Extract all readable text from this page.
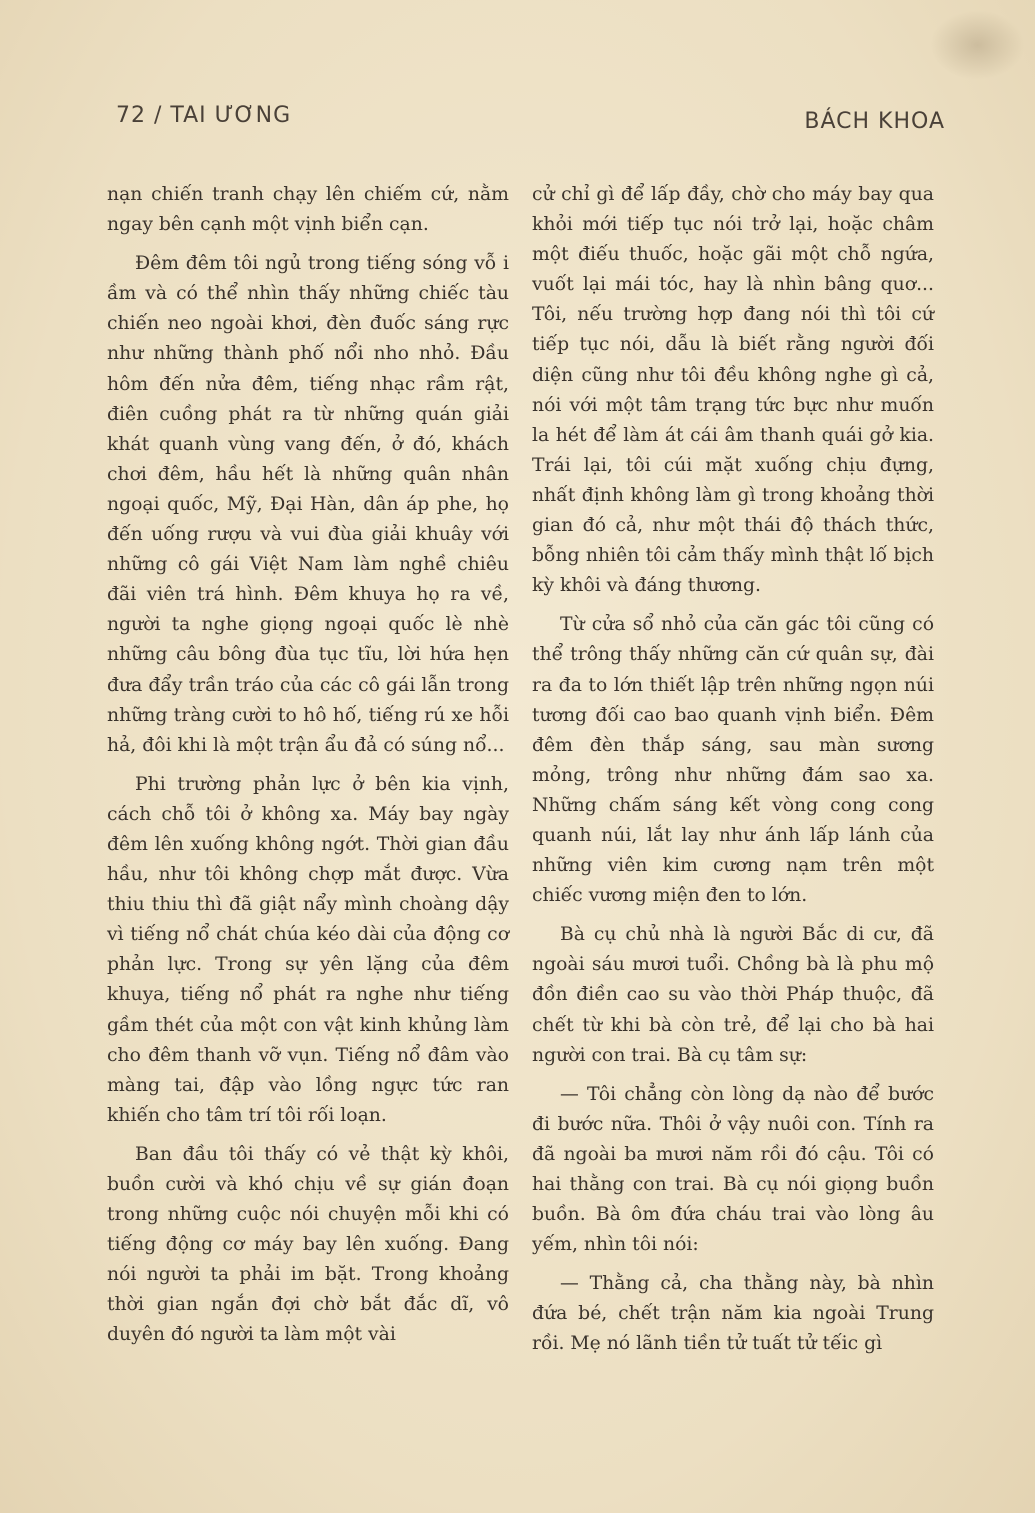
72 / TAI ƯƠNG	BÁCH KHOA

nạn chiến tranh chạy lên chiếm cứ, nằm ngay bên cạnh một vịnh biển cạn.

Đêm đêm tôi ngủ trong tiếng sóng vỗ i ầm và có thể nhìn thấy những chiếc tàu chiến neo ngoài khơi, đèn đuốc sáng rực như những thành phố nổi nho nhỏ. Đầu hôm đến nửa đêm, tiếng nhạc rầm rật, điên cuồng phát ra từ những quán giải khát quanh vùng vang đến, ở đó, khách chơi đêm, hầu hết là những quân nhân ngoại quốc, Mỹ, Đại Hàn, dân áp phe, họ đến uống rượu và vui đùa giải khuây với những cô gái Việt Nam làm nghề chiêu đãi viên trá hình. Đêm khuya họ ra về, người ta nghe giọng ngoại quốc lè nhè những câu bông đùa tục tĩu, lời hứa hẹn đưa đẩy trần tráo của các cô gái lẫn trong những tràng cười to hô hố, tiếng rú xe hỗi hả, đôi khi là một trận ẩu đả có súng nổ...

Phi trường phản lực ở bên kia vịnh, cách chỗ tôi ở không xa. Máy bay ngày đêm lên xuống không ngớt. Thời gian đầu hầu, như tôi không chợp mắt được. Vừa thiu thiu thì đã giật nẩy mình choàng dậy vì tiếng nổ chát chúa kéo dài của động cơ phản lực. Trong sự yên lặng của đêm khuya, tiếng nổ phát ra nghe như tiếng gầm thét của một con vật kinh khủng làm cho đêm thanh vỡ vụn. Tiếng nổ đâm vào màng tai, đập vào lồng ngực tức ran khiến cho tâm trí tôi rối loạn.

Ban đầu tôi thấy có vẻ thật kỳ khôi, buồn cười và khó chịu về sự gián đoạn trong những cuộc nói chuyện mỗi khi có tiếng động cơ máy bay lên xuống. Đang nói người ta phải im bặt. Trong khoảng thời gian ngắn đợi chờ bắt đắc dĩ, vô duyên đó người ta làm một vài

cử chỉ gì để lấp đầy, chờ cho máy bay qua khỏi mới tiếp tục nói trở lại, hoặc châm một điếu thuốc, hoặc gãi một chỗ ngứa, vuốt lại mái tóc, hay là nhìn bâng quơ... Tôi, nếu trường hợp đang nói thì tôi cứ tiếp tục nói, dẫu là biết rằng người đối diện cũng như tôi đều không nghe gì cả, nói với một tâm trạng tức bực như muốn la hét để làm át cái âm thanh quái gở kia. Trái lại, tôi cúi mặt xuống chịu đựng, nhất định không làm gì trong khoảng thời gian đó cả, như một thái độ thách thức, bỗng nhiên tôi cảm thấy mình thật lố bịch kỳ khôi và đáng thương.

Từ cửa sổ nhỏ của căn gác tôi cũng có thể trông thấy những căn cứ quân sự, đài ra đa to lớn thiết lập trên những ngọn núi tương đối cao bao quanh vịnh biển. Đêm đêm đèn thắp sáng, sau màn sương mỏng, trông như những đám sao xa. Những chấm sáng kết vòng cong cong quanh núi, lắt lay như ánh lấp lánh của những viên kim cương nạm trên một chiếc vương miện đen to lớn.

Bà cụ chủ nhà là người Bắc di cư, đã ngoài sáu mươi tuổi. Chồng bà là phu mộ đồn điền cao su vào thời Pháp thuộc, đã chết từ khi bà còn trẻ, để lại cho bà hai người con trai. Bà cụ tâm sự:

— Tôi chẳng còn lòng dạ nào để bước đi bước nữa. Thôi ở vậy nuôi con. Tính ra đã ngoài ba mươi năm rồi đó cậu. Tôi có hai thằng con trai. Bà cụ nói giọng buồn buồn. Bà ôm đứa cháu trai vào lòng âu yếm, nhìn tôi nói:

— Thằng cả, cha thằng này, bà nhìn đứa bé, chết trận năm kia ngoài Trung rồi. Mẹ nó lãnh tiền tử tuất tử tếic gì
